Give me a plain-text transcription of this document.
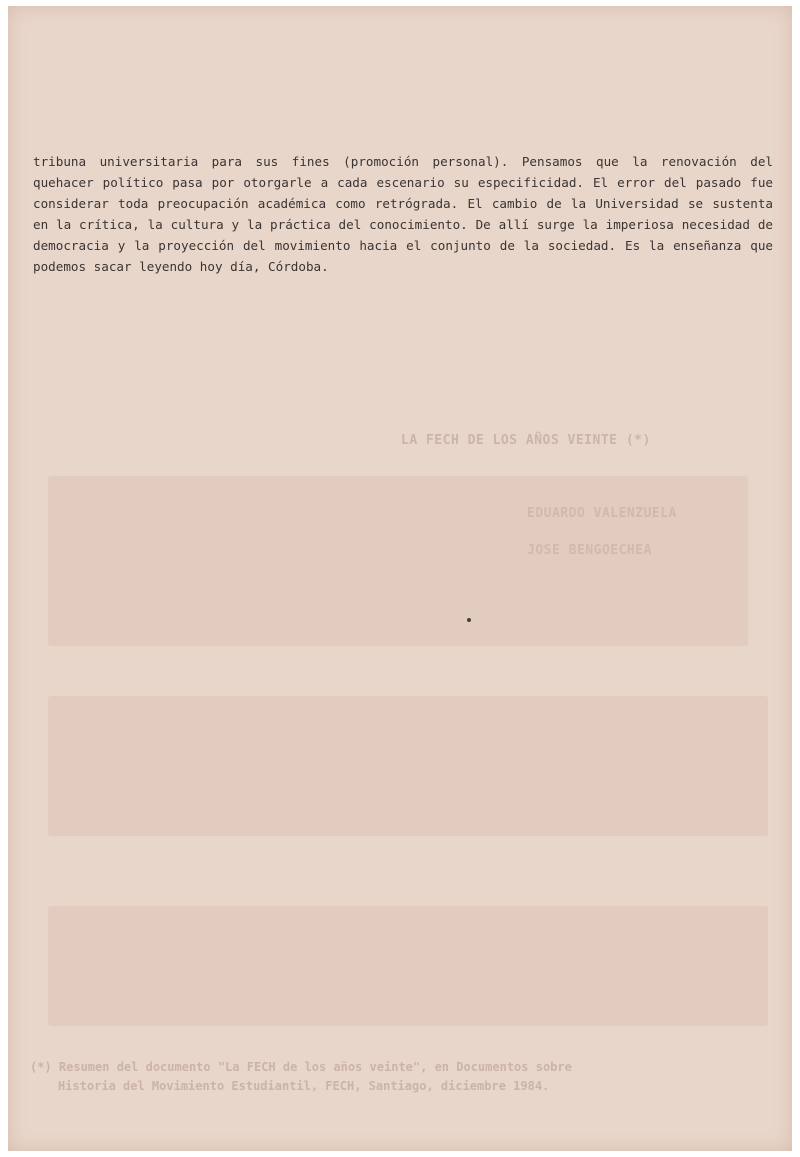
tribuna universitaria para sus fines (promoción personal). Pensamos que la renovación del quehacer político pasa por otorgarle a cada escenario su especificidad. El error del pasado fue considerar toda preocupación académica como retrógrada. El cambio de la Universidad se sustenta en la crítica, la cultura y la práctica del conocimiento. De allí surge la imperiosa necesidad de democracia y la proyección del movimiento hacia el conjunto de la sociedad. Es la enseñanza que podemos sacar leyendo hoy día, Córdoba.

LA FECH DE LOS AÑOS VEINTE (*)

EDUARDO VALENZUELA

JOSE BENGOECHEA

(*) Resumen del documento "La FECH de los años veinte", en Documentos sobre
Historia del Movimiento Estudiantil, FECH, Santiago, diciembre 1984.
